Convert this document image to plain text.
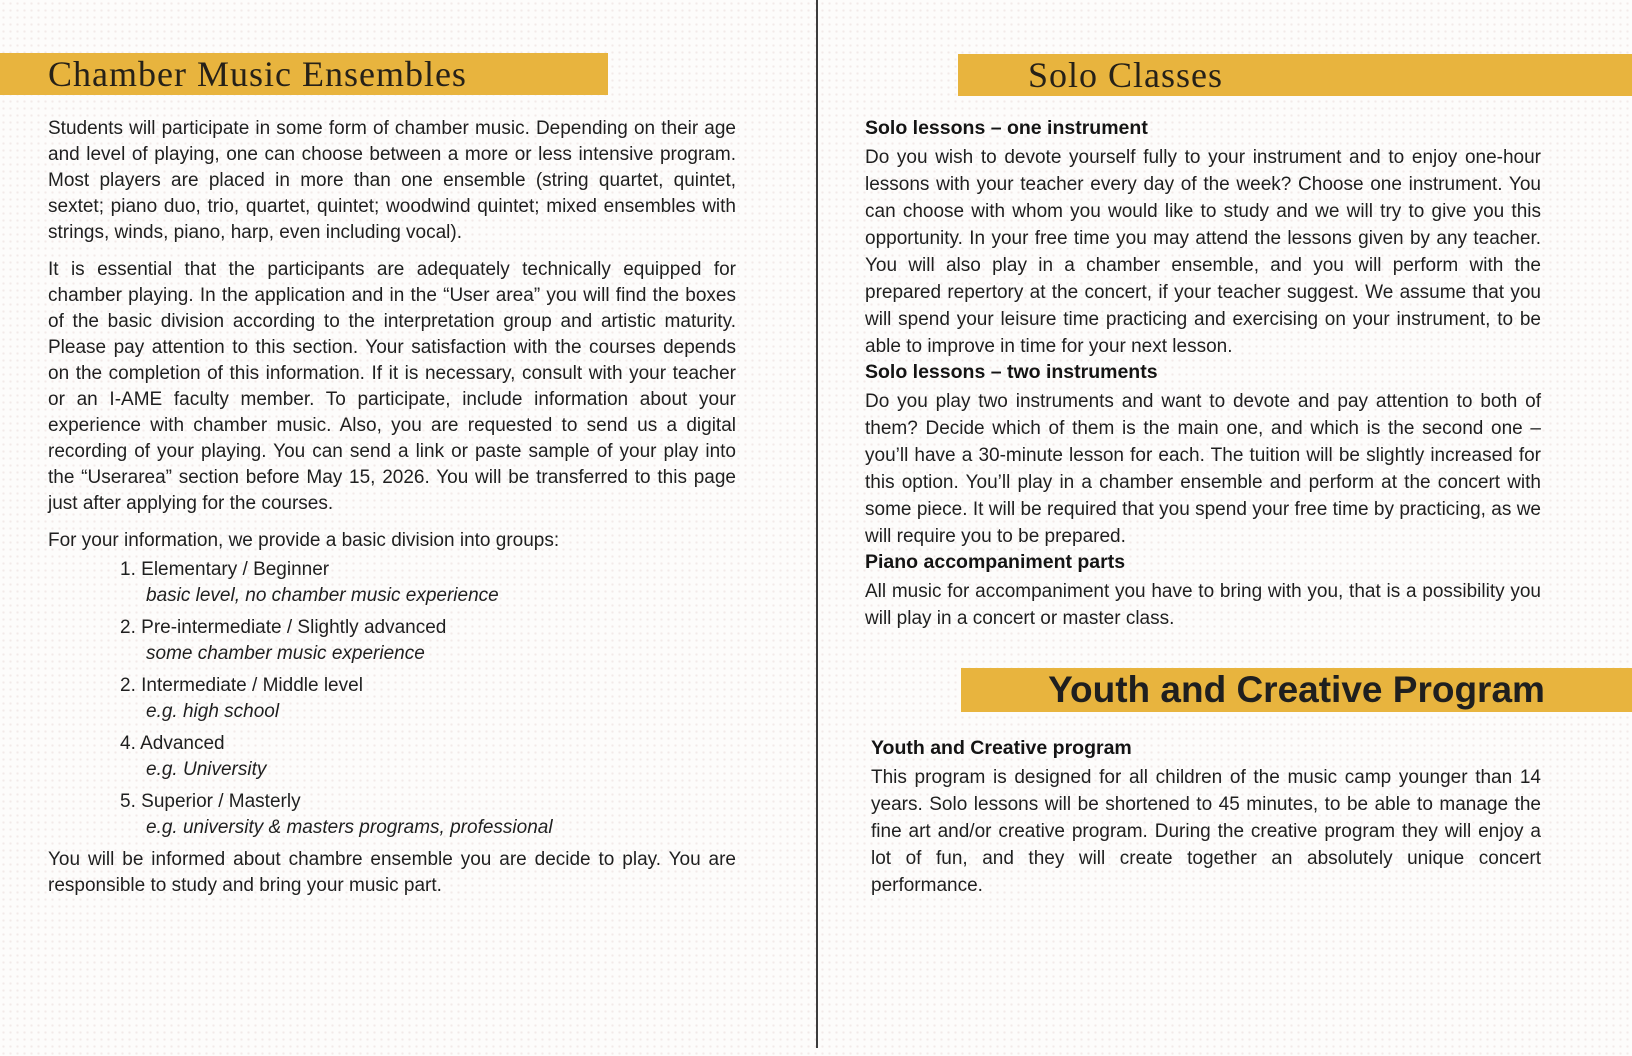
Chamber Music Ensembles

Students will participate in some form of chamber music. Depending on their age and level of playing, one can choose between a more or less intensive program. Most players are placed in more than one ensemble (string quartet, quintet, sextet; piano duo, trio, quartet, quintet; woodwind quintet; mixed ensembles with strings, winds, piano, harp, even including vocal).

It is essential that the participants are adequately technically equipped for chamber playing. In the application and in the “User area” you will find the boxes of the basic division according to the interpretation group and artistic maturity. Please pay attention to this section. Your satisfaction with the courses depends on the completion of this information. If it is necessary, consult with your teacher or an I-AME faculty member. To participate, include information about your experience with chamber music. Also, you are requested to send us a digital recording of your playing. You can send a link or paste sample of your play into the “Userarea” section before May 15, 2026. You will be transferred to this page just after applying for the courses.

For your information, we provide a basic division into groups:

1. Elementary / Beginner
basic level, no chamber music experience
2. Pre-intermediate / Slightly advanced
some chamber music experience
2. Intermediate / Middle level
e.g. high school
4. Advanced
e.g. University
5. Superior / Masterly
e.g. university & masters programs, professional

You will be informed about chambre ensemble you are decide to play. You are responsible to study and bring your music part.

Solo Classes
Solo lessons – one instrument

Do you wish to devote yourself fully to your instrument and to enjoy one-hour lessons with your teacher every day of the week? Choose one instrument. You can choose with whom you would like to study and we will try to give you this opportunity. In your free time you may attend the lessons given by any teacher. You will also play in a chamber ensemble, and you will perform with the prepared repertory at the concert, if your teacher suggest. We assume that you will spend your leisure time practicing and exercising on your instrument, to be able to improve in time for your next lesson.

Solo lessons – two instruments

Do you play two instruments and want to devote and pay attention to both of them? Decide which of them is the main one, and which is the second one – you’ll have a 30-minute lesson for each. The tuition will be slightly increased for this option. You’ll play in a chamber ensemble and perform at the concert with some piece. It will be required that you spend your free time by practicing, as we will require you to be prepared.

Piano accompaniment parts

All music for accompaniment you have to bring with you, that is a possibility you will play in a concert or master class.

Youth and Creative Program
Youth and Creative program

This program is designed for all children of the music camp younger than 14 years. Solo lessons will be shortened to 45 minutes, to be able to manage the fine art and/or creative program. During the creative program they will enjoy a lot of fun, and they will create together an absolutely unique concert performance.
